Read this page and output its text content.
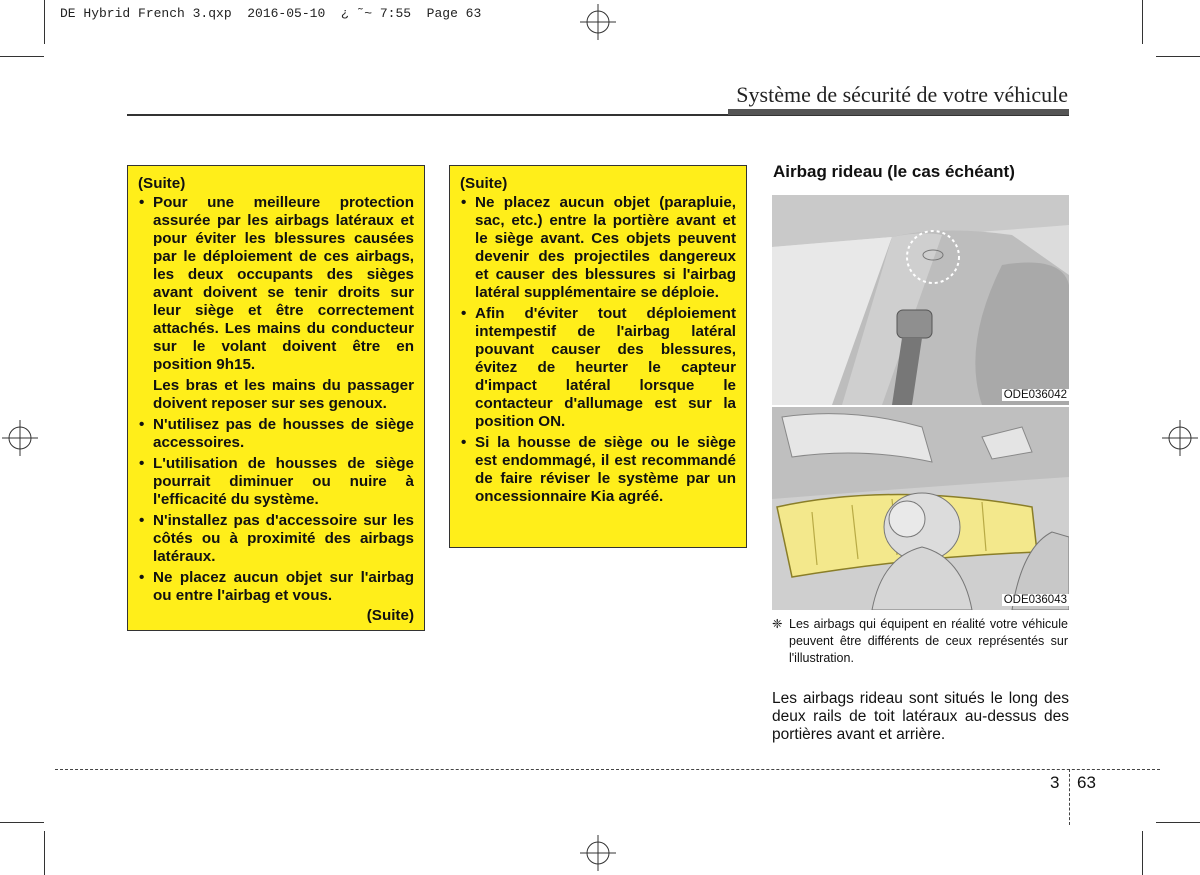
DE Hybrid French 3.qxp  2016-05-10  ¿ ˜~ 7:55  Page 63

Système de sécurité de votre véhicule

(Suite)

• Pour une meilleure protection assurée par les airbags latéraux et pour éviter les blessures causées par le déploiement de ces airbags, les deux occupants des sièges avant doivent se tenir droits sur leur siège et être correctement attachés. Les mains du conducteur sur le volant doivent être en position 9h15.

Les bras et les mains du passager doivent reposer sur ses genoux.

• N'utilisez pas de housses de siège accessoires.

• L'utilisation de housses de siège pourrait diminuer ou nuire à l'efficacité du système.

• N'installez pas d'accessoire sur les côtés ou à proximité des airbags latéraux.

• Ne placez aucun objet sur l'airbag ou entre l'airbag et vous.

(Suite)

(Suite)

• Ne placez aucun objet (parapluie, sac, etc.) entre la portière avant et le siège avant. Ces objets peuvent devenir des projectiles dangereux et causer des blessures si l'airbag latéral supplémentaire se déploie.

• Afin d'éviter tout déploiement intempestif de l'airbag latéral pouvant causer des blessures, évitez de heurter le capteur d'impact latéral lorsque le contacteur d'allumage est sur la position ON.

• Si la housse de siège ou le siège est endommagé, il est recommandé de faire réviser le système par un oncessionnaire Kia agréé.

Airbag rideau (le cas échéant)
ODE036042
ODE036043

❈ Les airbags qui équipent en réalité votre véhicule peuvent être différents de ceux représentés sur l'illustration.

Les airbags rideau sont situés le long des deux rails de toit latéraux au-dessus des portières avant et arrière.

3 63
